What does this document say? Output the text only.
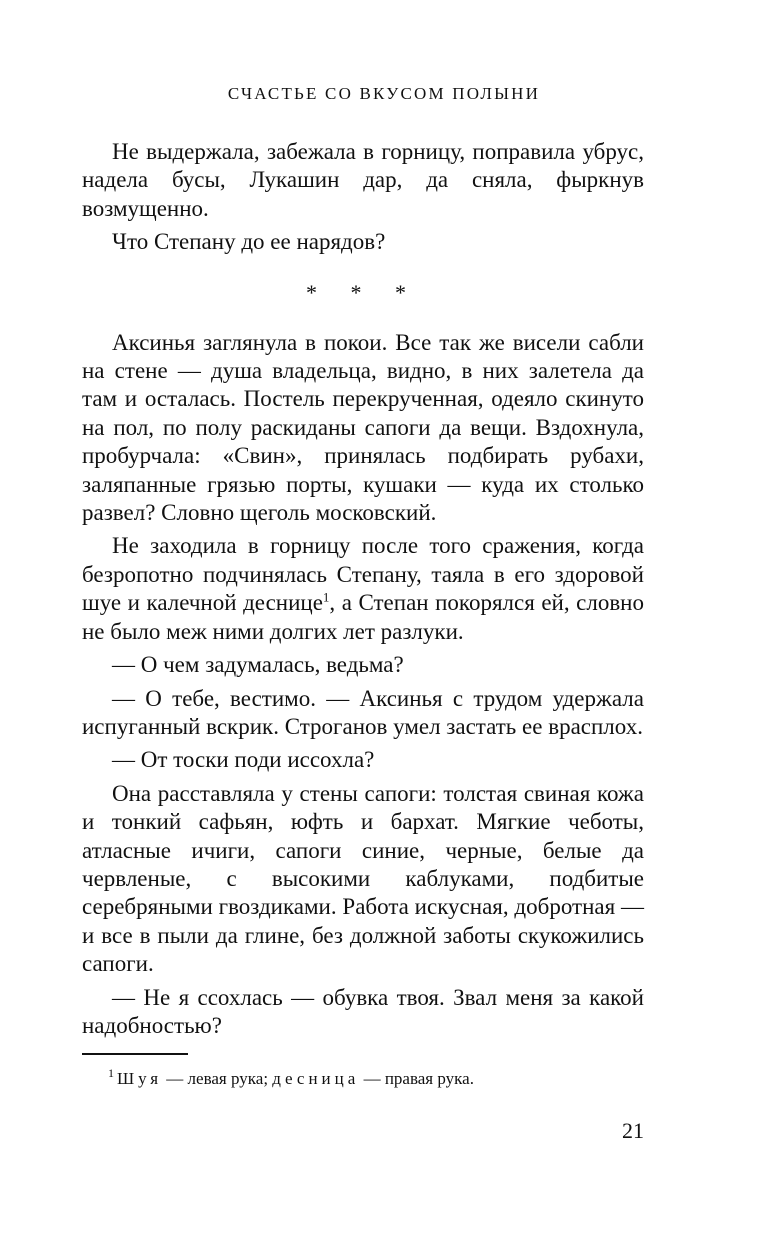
СЧАСТЬЕ СО ВКУСОМ ПОЛЫНИ

Не выдержала, забежала в горницу, поправила убрус, надела бусы, Лукашин дар, да сняла, фыркнув возмущенно.

Что Степану до ее нарядов?

* * *

Аксинья заглянула в покои. Все так же висели сабли на стене — душа владельца, видно, в них залетела да там и осталась. Постель перекрученная, одеяло скинуто на пол, по полу раскиданы сапоги да вещи. Вздохнула, пробурчала: «Свин», принялась подбирать рубахи, заляпанные грязью порты, кушаки — куда их столько развел? Словно щеголь московский.

Не заходила в горницу после того сражения, когда безропотно подчинялась Степану, таяла в его здоровой шуе и калечной деснице$^1$, а Степан покорялся ей, словно не было меж ними долгих лет разлуки.

— О чем задумалась, ведьма?

— О тебе, вестимо. — Аксинья с трудом удержала испуганный вскрик. Строганов умел застать ее врасплох.

— От тоски поди иссохла?

Она расставляла у стены сапоги: толстая свиная кожа и тонкий сафьян, юфть и бархат. Мягкие чеботы, атласные ичиги, сапоги синие, черные, белые да червленые, с высокими каблуками, подбитые серебряными гвоздиками. Работа искусная, добротная — и все в пыли да глине, без должной заботы скукожились сапоги.

— Не я ссохлась — обувка твоя. Звал меня за какой надобностью?

$^1$ Шуя — левая рука; десница — правая рука.
21
